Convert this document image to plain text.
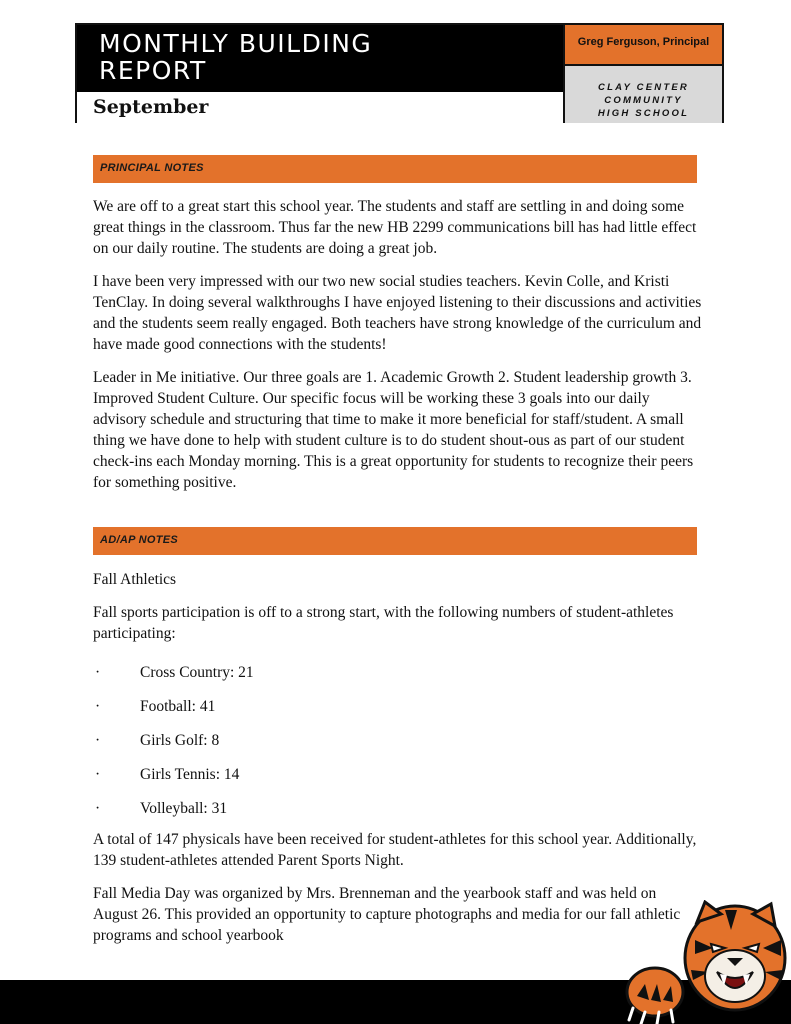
MONTHLY BUILDING
REPORT
September
Greg Ferguson, Principal
CLAY CENTER COMMUNITY
HIGH SCHOOL
PRINCIPAL NOTES

We are off to a great start this school year. The students and staff are settling in and doing some great things in the classroom. Thus far the new HB 2299 communications bill has had little effect on our daily routine. The students are doing a great job.

I have been very impressed with our two new social studies teachers. Kevin Colle, and Kristi TenClay. In doing several walkthroughs I have enjoyed listening to their discussions and activities and the students seem really engaged. Both teachers have strong knowledge of the curriculum and have made good connections with the students!

Leader in Me initiative. Our three goals are 1. Academic Growth 2. Student leadership growth 3. Improved Student Culture. Our specific focus will be working these 3 goals into our daily advisory schedule and structuring that time to make it more beneficial for staff/student. A small thing we have done to help with student culture is to do student shout-ous as part of our student check-ins each Monday morning. This is a great opportunity for students to recognize their peers for something positive.

AD/AP NOTES

Fall Athletics

Fall sports participation is off to a strong start, with the following numbers of student-athletes participating:

·	Cross Country: 21
·	Football: 41
·	Girls Golf: 8
·	Girls Tennis: 14
·	Volleyball: 31

A total of 147 physicals have been received for student-athletes for this school year. Additionally, 139 student-athletes attended Parent Sports Night.

Fall Media Day was organized by Mrs. Brenneman and the yearbook staff and was held on August 26. This provided an opportunity to capture photographs and media for our fall athletic programs and school yearbook
